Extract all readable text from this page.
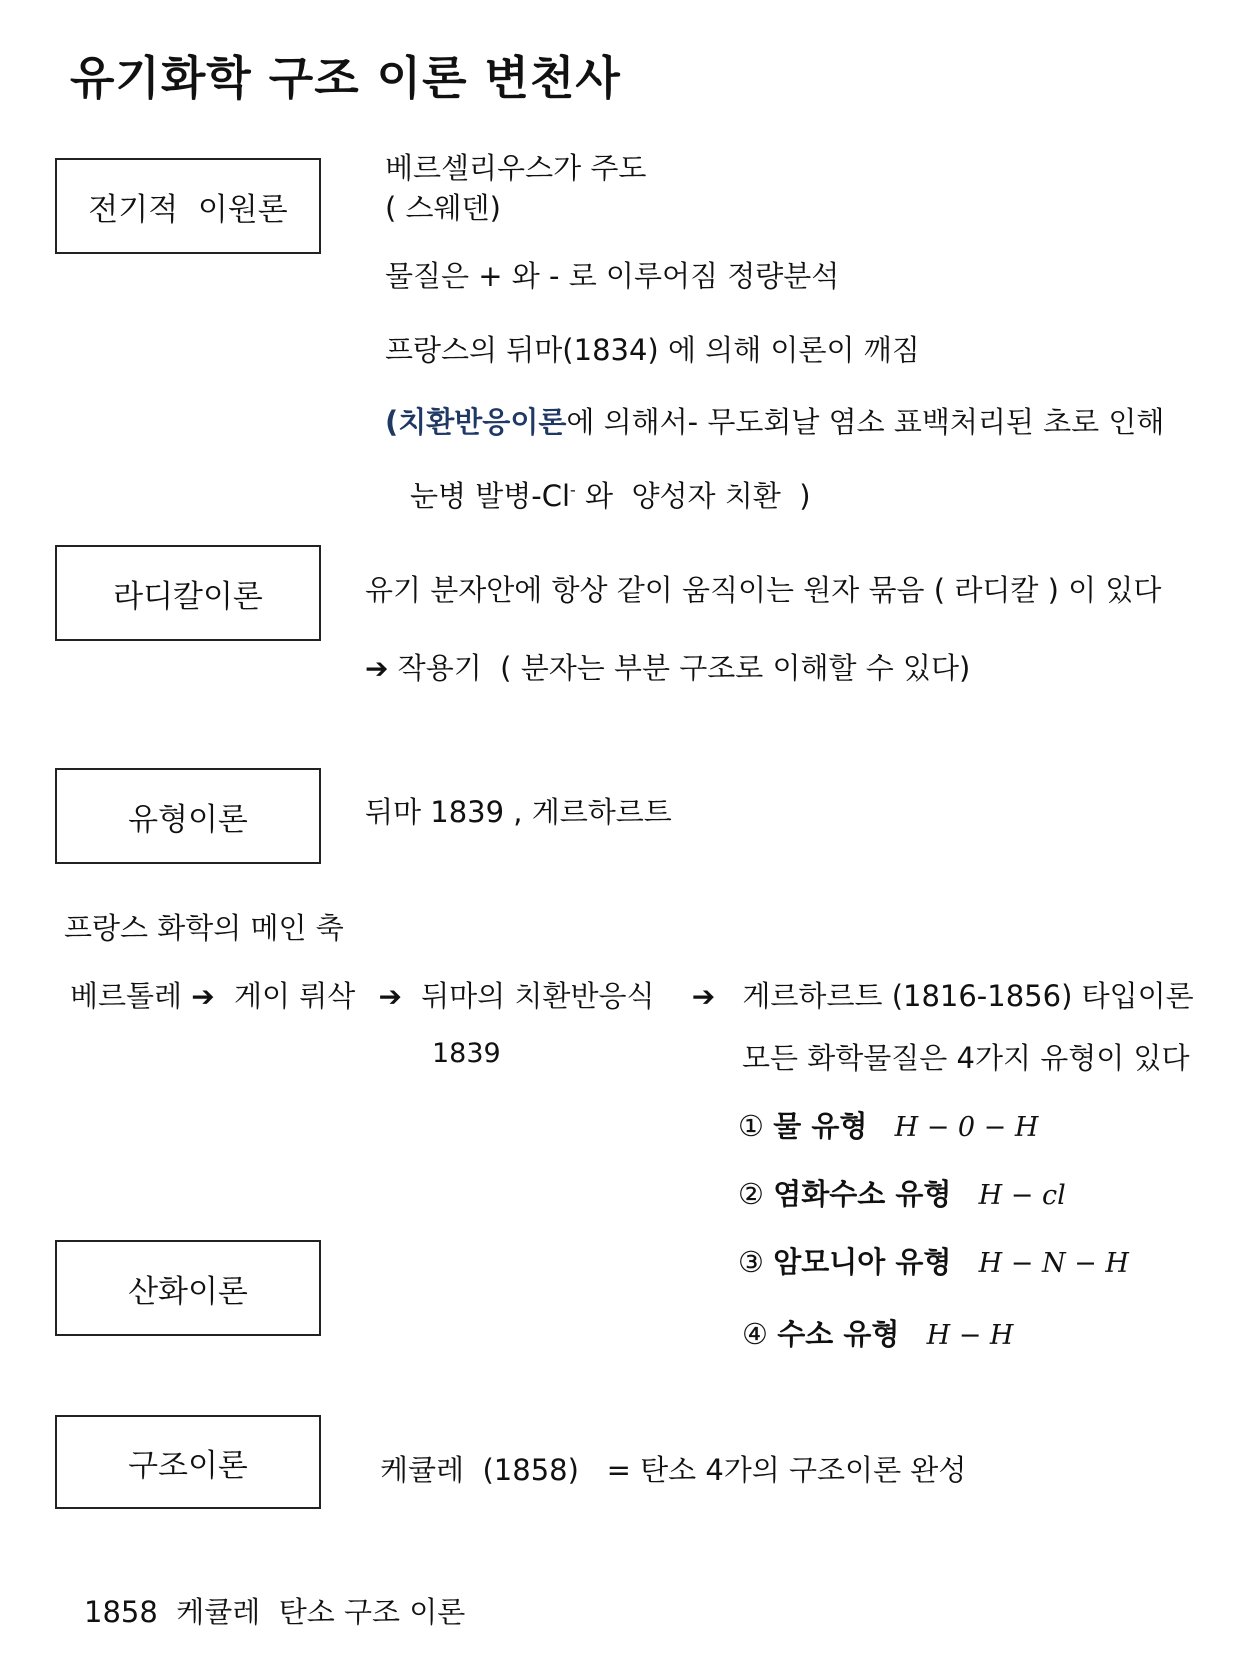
유기화학 구조 이론 변천사
전기적  이원론
베르셀리우스가 주도
( 스웨덴)
물질은 + 와 - 로 이루어짐 정량분석
프랑스의 뒤마(1834) 에 의해 이론이 깨짐
(치환반응이론에 의해서- 무도회날 염소 표백처리된 초로 인해
눈병 발병-Cl- 와  양성자 치환  )
라디칼이론	유기 분자안에 항상 같이 움직이는 원자 묶음 ( 라디칼 ) 이 있다
➔ 작용기  ( 분자는 부분 구조로 이해할 수 있다)
유형이론	뒤마 1839 , 게르하르트
프랑스 화학의 메인 축
베르톨레 ➔ 게이 뤼삭 ➔ 뒤마의 치환반응식 ➔ 게르하르트 (1816-1856) 타입이론
1839	모든 화학물질은 4가지 유형이 있다
① 물 유형 H − 0 − H
② 염화수소 유형 H − cl
③ 암모니아 유형 H − N − H
④ 수소 유형 H − H
산화이론
구조이론	케큘레  (1858)   = 탄소 4가의 구조이론 완성
1858  케큘레  탄소 구조 이론
